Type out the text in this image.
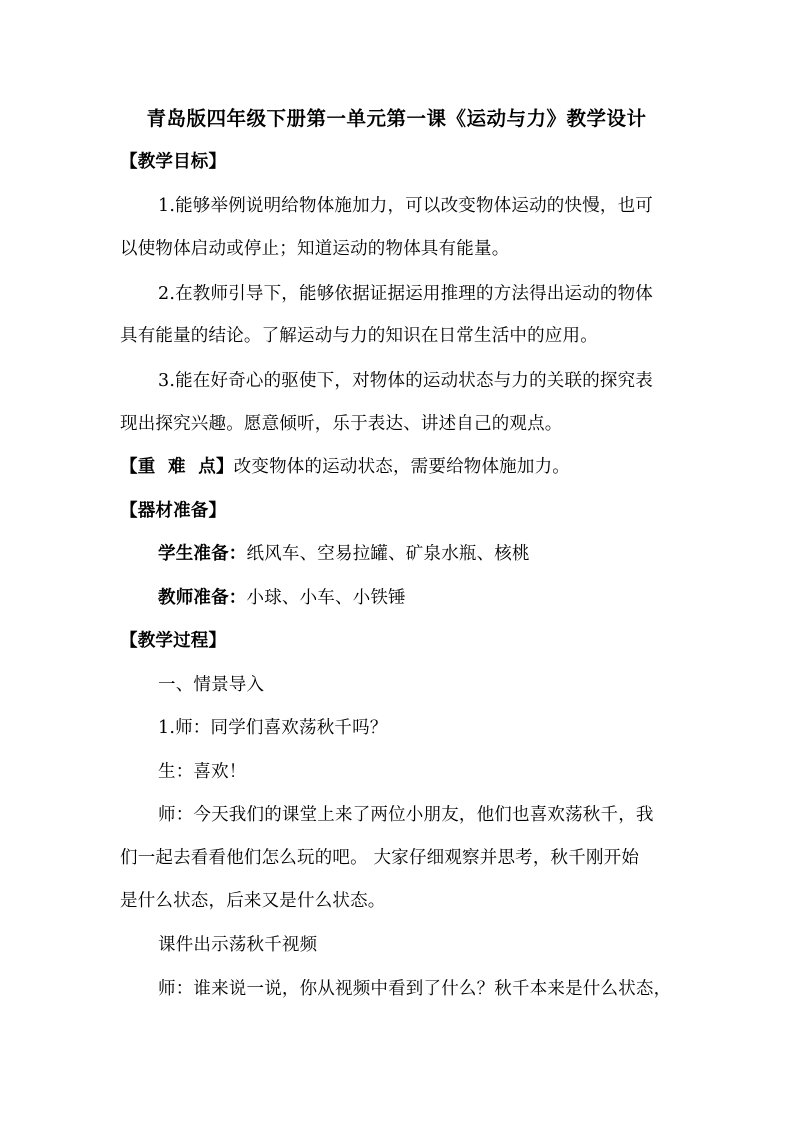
青岛版四年级下册第一单元第一课《运动与力》教学设计
【教学目标】
1.能够举例说明给物体施加力，可以改变物体运动的快慢，也可
以使物体启动或停止；知道运动的物体具有能量。
2.在教师引导下，能够依据证据运用推理的方法得出运动的物体
具有能量的结论。了解运动与力的知识在日常生活中的应用。
3.能在好奇心的驱使下，对物体的运动状态与力的关联的探究表
现出探究兴趣。愿意倾听，乐于表达、讲述自己的观点。
【重  难  点】改变物体的运动状态，需要给物体施加力。
【器材准备】
学生准备：纸风车、空易拉罐、矿泉水瓶、核桃
教师准备：小球、小车、小铁锤
【教学过程】
一、情景导入
1.师：同学们喜欢荡秋千吗？
生：喜欢！
师：今天我们的课堂上来了两位小朋友，他们也喜欢荡秋千，我
们一起去看看他们怎么玩的吧。 大家仔细观察并思考，秋千刚开始
是什么状态，后来又是什么状态。
课件出示荡秋千视频
师：谁来说一说，你从视频中看到了什么？秋千本来是什么状态，
